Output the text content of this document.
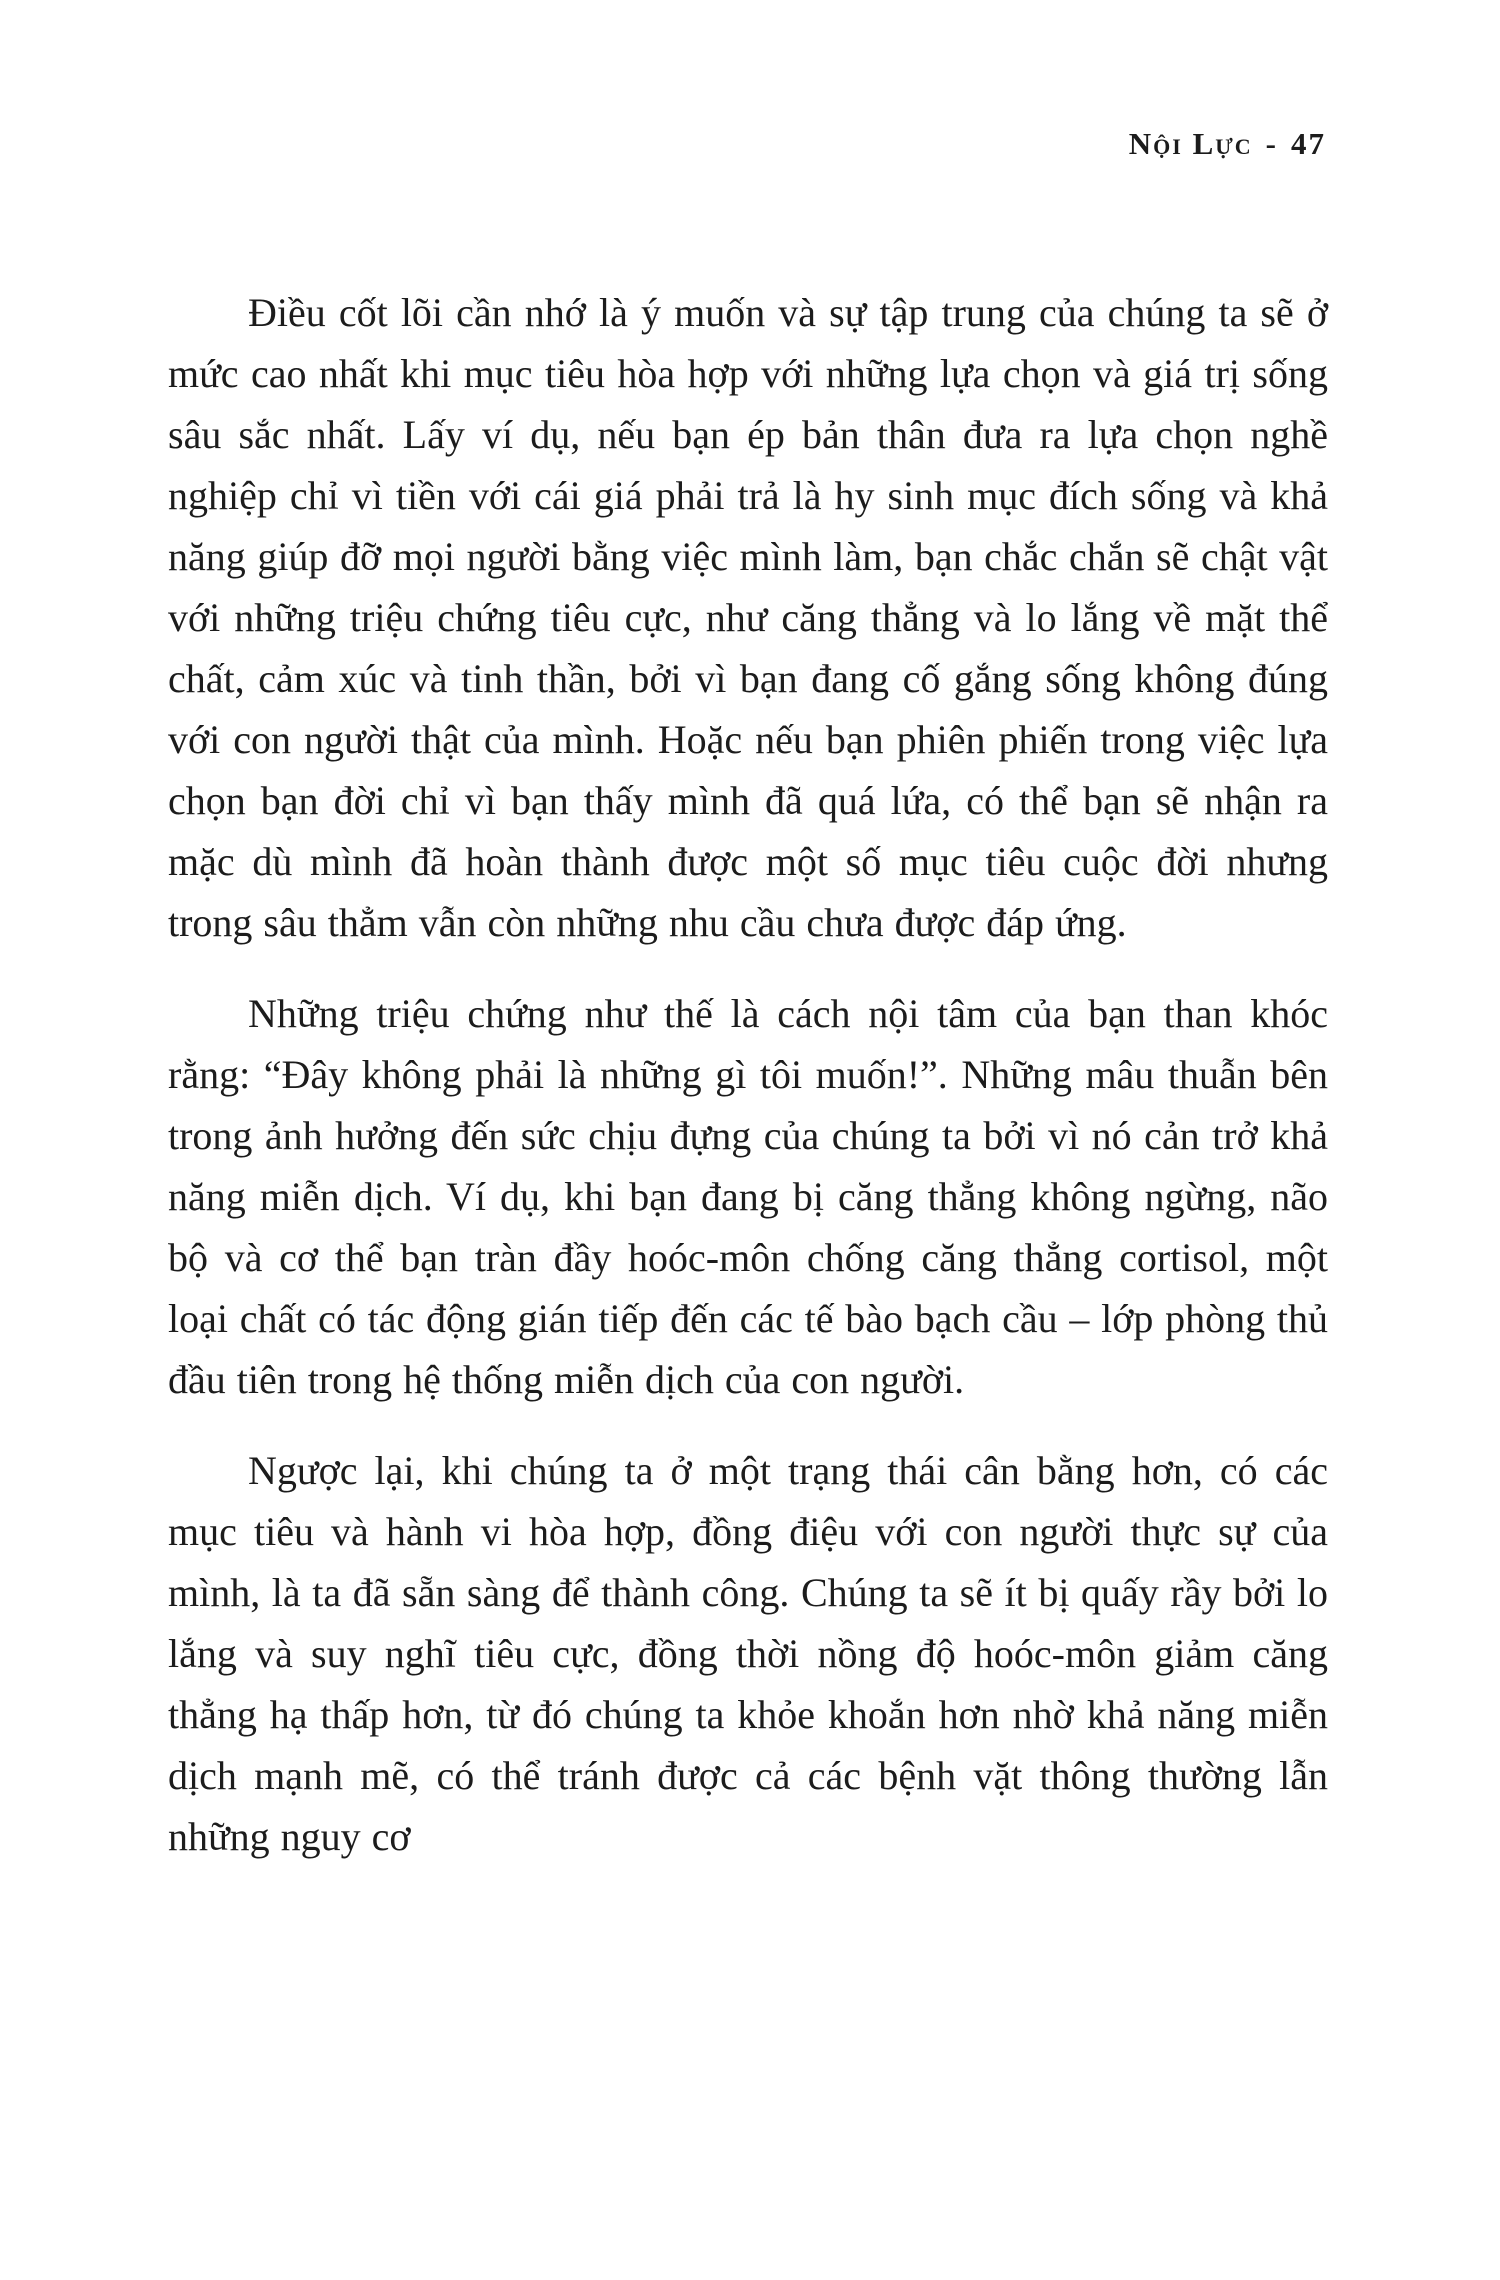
Nội Lực - 47

Điều cốt lõi cần nhớ là ý muốn và sự tập trung của chúng ta sẽ ở mức cao nhất khi mục tiêu hòa hợp với những lựa chọn và giá trị sống sâu sắc nhất. Lấy ví dụ, nếu bạn ép bản thân đưa ra lựa chọn nghề nghiệp chỉ vì tiền với cái giá phải trả là hy sinh mục đích sống và khả năng giúp đỡ mọi người bằng việc mình làm, bạn chắc chắn sẽ chật vật với những triệu chứng tiêu cực, như căng thẳng và lo lắng về mặt thể chất, cảm xúc và tinh thần, bởi vì bạn đang cố gắng sống không đúng với con người thật của mình. Hoặc nếu bạn phiên phiến trong việc lựa chọn bạn đời chỉ vì bạn thấy mình đã quá lứa, có thể bạn sẽ nhận ra mặc dù mình đã hoàn thành được một số mục tiêu cuộc đời nhưng trong sâu thẳm vẫn còn những nhu cầu chưa được đáp ứng.

Những triệu chứng như thế là cách nội tâm của bạn than khóc rằng: “Đây không phải là những gì tôi muốn!”. Những mâu thuẫn bên trong ảnh hưởng đến sức chịu đựng của chúng ta bởi vì nó cản trở khả năng miễn dịch. Ví dụ, khi bạn đang bị căng thẳng không ngừng, não bộ và cơ thể bạn tràn đầy hoóc-môn chống căng thẳng cortisol, một loại chất có tác động gián tiếp đến các tế bào bạch cầu – lớp phòng thủ đầu tiên trong hệ thống miễn dịch của con người.

Ngược lại, khi chúng ta ở một trạng thái cân bằng hơn, có các mục tiêu và hành vi hòa hợp, đồng điệu với con người thực sự của mình, là ta đã sẵn sàng để thành công. Chúng ta sẽ ít bị quấy rầy bởi lo lắng và suy nghĩ tiêu cực, đồng thời nồng độ hoóc-môn giảm căng thẳng hạ thấp hơn, từ đó chúng ta khỏe khoắn hơn nhờ khả năng miễn dịch mạnh mẽ, có thể tránh được cả các bệnh vặt thông thường lẫn những nguy cơ
